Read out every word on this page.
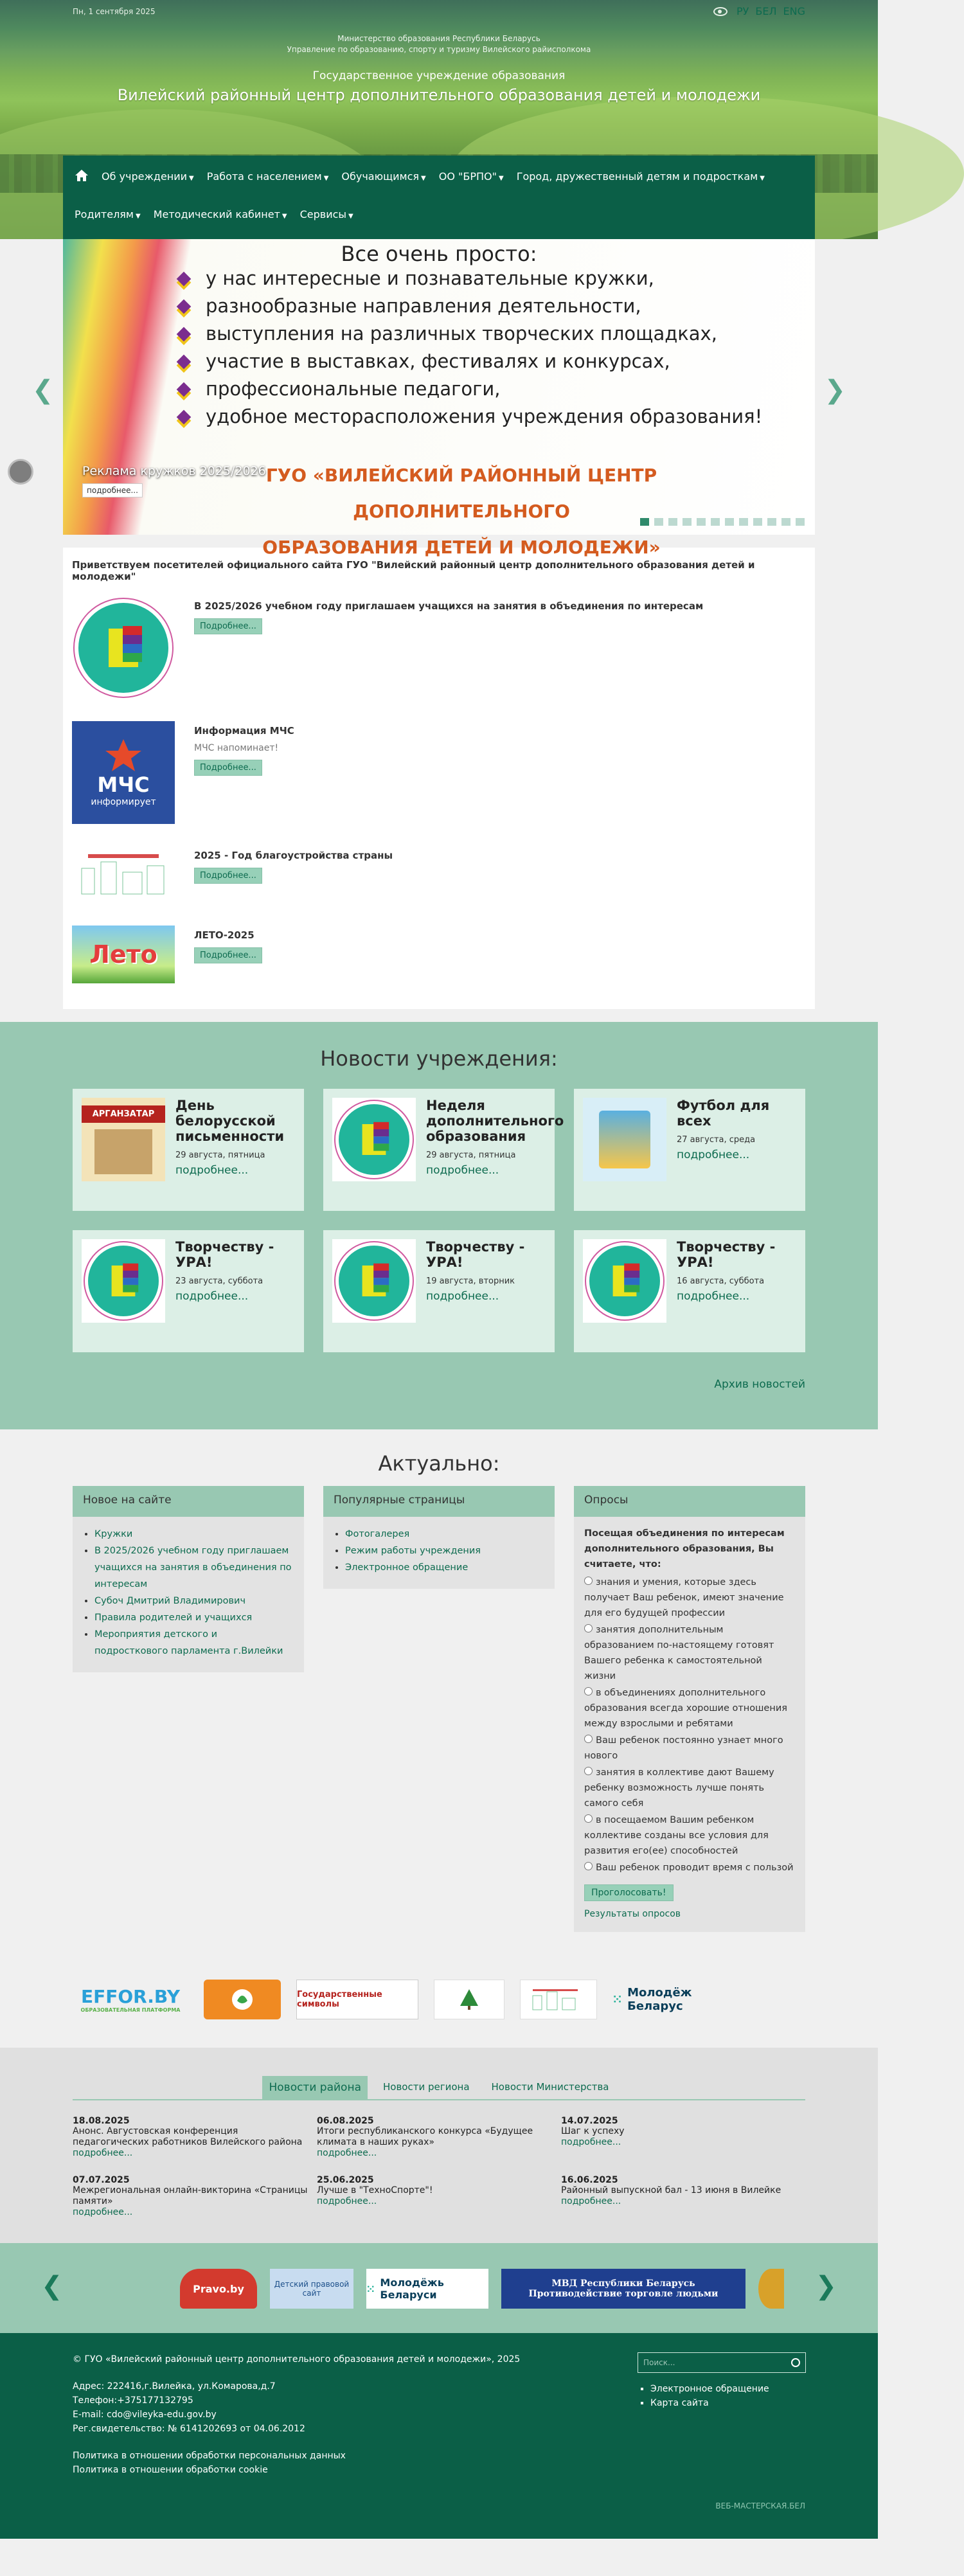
Пн, 1 сентября 2025	РУ БЕЛ ENG
Министерство образования Республики Беларусь
Управление по образованию, спорту и туризму Вилейского райисполкома
Государственное учреждение образования
Вилейский районный центр дополнительного образования детей и молодежи
Об учреждении ▼	Работа с населением ▼	Обучающимся ▼	ОО "БРПО" ▼	Город, дружественный детям и подросткам ▼
Родителям ▼	Методический кабинет ▼	Сервисы ▼
Все очень просто:
у нас интересные и познавательные кружки,
разнообразные направления деятельности,
выступления на различных творческих площадках,
участие в выставках, фестивалях и конкурсах,
профессиональные педагоги,
удобное месторасположения учреждения образования!
ГУО «ВИЛЕЙСКИЙ РАЙОННЫЙ ЦЕНТР ДОПОЛНИТЕЛЬНОГО
ОБРАЗОВАНИЯ ДЕТЕЙ И МОЛОДЕЖИ»
Реклама кружков 2025/2026
подробнее...
❮	❯
Приветствуем посетителей официального сайта ГУО "Вилейский районный центр дополнительного образования детей и молодежи"
В 2025/2026 учебном году приглашаем учащихся на занятия в объединения по интересам
Подробнее...
МЧС
информирует
Информация МЧС

МЧС напоминает!

Подробнее...
2025 - Год благоустройства страны
Подробнее...
Лето
ЛЕТО-2025
Подробнее...
Новости учреждения:
АРГАНЗАТАР
День белорусской письменности
29 августа, пятница
подробнее...
Неделя дополнительного образования
29 августа, пятница
подробнее...
Футбол для всех
27 августа, среда
подробнее...
Творчеству - УРА!
23 августа, суббота
подробнее...
Творчеству - УРА!
19 августа, вторник
подробнее...
Творчеству - УРА!
16 августа, суббота
подробнее...
Архив новостей
Актуально:
Новое на сайте
• Кружки
• В 2025/2026 учебном году приглашаем учащихся на занятия в объединения по интересам
• Субоч Дмитрий Владимирович
• Правила родителей и учащихся
• Мероприятия детского и подросткового парламента г.Вилейки
Популярные страницы
• Фотогалерея
• Режим работы учреждения
• Электронное обращение
Опросы
Посещая объединения по интересам дополнительного образования, Вы считаете, что:
знания и умения, которые здесь получает Ваш ребенок, имеют значение для его будущей профессии
занятия дополнительным образованием по-настоящему готовят Вашего ребенка к самостоятельной жизни
в объединениях дополнительного образования всегда хорошие отношения между взрослыми и ребятами
Ваш ребенок постоянно узнает много нового
занятия в коллективе дают Вашему ребенку возможность лучше понять самого себя
в посещаемом Вашим ребенком коллективе созданы все условия для развития его(ее) способностей
Ваш ребенок проводит время с пользой
Проголосовать!
Результаты опросов
EFFOR.BY
ОБРАЗОВАТЕЛЬНАЯ ПЛАТФОРМА
Государственные символы	⁙ Молодёж Беларус
Новости района	Новости региона	Новости Министерства
18.08.2025
Анонс. Августовская конференция педагогических работников Вилейского района
подробнее...
06.08.2025
Итоги республиканского конкурса «Будущее климата в наших руках»
подробнее...
14.07.2025
Шаг к успеху
подробнее...
07.07.2025
Межрегиональная онлайн-викторина «Страницы памяти»
подробнее...
25.06.2025
Лучше в "ТехноСпорте"!
подробнее...
16.06.2025
Районный выпускной бал - 13 июня в Вилейке
подробнее...
❮	Pravo.by	Детский правовой сайт	⁙ Молодёжь Беларуси
МВД Республики Беларусь
Противодействие торговле людьми	❯
© ГУО «Вилейский районный центр дополнительного образования детей и молодежи», 2025
Адрес: 222416,г.Вилейка, ул.Комарова,д.7
Телефон:+375177132795
E-mail: cdo@vileyka-edu.gov.by
Рег.свидетельство: № 6141202693 от 04.06.2012
Политика в отношении обработки персональных данных
Политика в отношении обработки cookie
Поиск...
▪ Электронное обращение
▪ Карта сайта
ВЕБ-МАСТЕРСКАЯ.БЕЛ
